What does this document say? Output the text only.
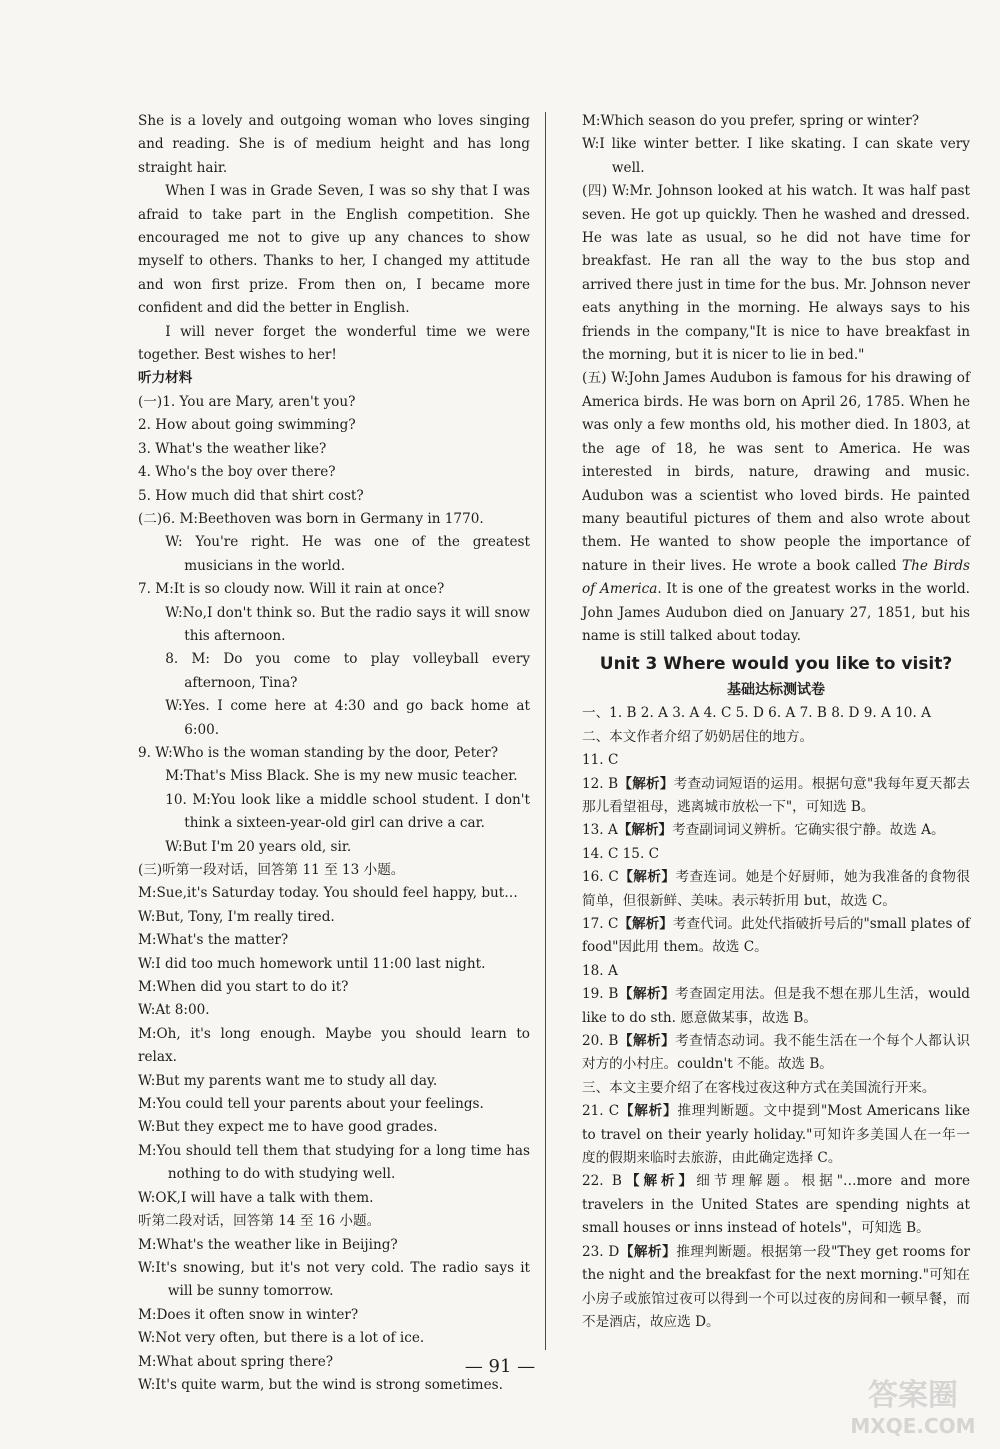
She is a lovely and outgoing woman who loves singing and reading. She is of medium height and has long straight hair.

When I was in Grade Seven, I was so shy that I was afraid to take part in the English competition. She encouraged me not to give up any chances to show myself to others. Thanks to her, I changed my attitude and won first prize. From then on, I became more confident and did the better in English.

I will never forget the wonderful time we were together. Best wishes to her!

听力材料

(一)1. You are Mary, aren't you?

2. How about going swimming?

3. What's the weather like?

4. Who's the boy over there?

5. How much did that shirt cost?

(二)6. M:Beethoven was born in Germany in 1770.

W: You're right. He was one of the greatest musicians in the world.

7. M:It is so cloudy now. Will it rain at once?

W:No,I don't think so. But the radio says it will snow this afternoon.

8. M: Do you come to play volleyball every afternoon, Tina?

W:Yes. I come here at 4:30 and go back home at 6:00.

9. W:Who is the woman standing by the door, Peter?

M:That's Miss Black. She is my new music teacher.

10. M:You look like a middle school student. I don't think a sixteen-year-old girl can drive a car.

W:But I'm 20 years old, sir.

(三)听第一段对话，回答第 11 至 13 小题。

M:Sue,it's Saturday today. You should feel happy, but…

W:But, Tony, I'm really tired.

M:What's the matter?

W:I did too much homework until 11:00 last night.

M:When did you start to do it?

W:At 8:00.

M:Oh, it's long enough. Maybe you should learn to relax.

W:But my parents want me to study all day.

M:You could tell your parents about your feelings.

W:But they expect me to have good grades.

M:You should tell them that studying for a long time has nothing to do with studying well.

W:OK,I will have a talk with them.

听第二段对话，回答第 14 至 16 小题。

M:What's the weather like in Beijing?

W:It's snowing, but it's not very cold. The radio says it will be sunny tomorrow.

M:Does it often snow in winter?

W:Not very often, but there is a lot of ice.

M:What about spring there?

W:It's quite warm, but the wind is strong sometimes.

M:Which season do you prefer, spring or winter?

W:I like winter better. I like skating. I can skate very well.

(四) W:Mr. Johnson looked at his watch. It was half past seven. He got up quickly. Then he washed and dressed. He was late as usual, so he did not have time for breakfast. He ran all the way to the bus stop and arrived there just in time for the bus. Mr. Johnson never eats anything in the morning. He always says to his friends in the company,"It is nice to have breakfast in the morning, but it is nicer to lie in bed."

(五) W:John James Audubon is famous for his drawing of America birds. He was born on April 26, 1785. When he was only a few months old, his mother died. In 1803, at the age of 18, he was sent to America. He was interested in birds, nature, drawing and music. Audubon was a scientist who loved birds. He painted many beautiful pictures of them and also wrote about them. He wanted to show people the importance of nature in their lives. He wrote a book called The Birds of America. It is one of the greatest works in the world. John James Audubon died on January 27, 1851, but his name is still talked about today.

Unit 3 Where would you like to visit?
基础达标测试卷

一、1. B 2. A 3. A 4. C 5. D 6. A 7. B 8. D 9. A 10. A

二、本文作者介绍了奶奶居住的地方。

11. C

12. B【解析】考查动词短语的运用。根据句意"我每年夏天都去那儿看望祖母，逃离城市放松一下"，可知选 B。

13. A【解析】考查副词词义辨析。它确实很宁静。故选 A。

14. C 15. C

16. C【解析】考查连词。她是个好厨师，她为我准备的食物很简单，但很新鲜、美味。表示转折用 but，故选 C。

17. C【解析】考查代词。此处代指破折号后的"small plates of food"因此用 them。故选 C。

18. A

19. B【解析】考查固定用法。但是我不想在那儿生活，would like to do sth. 愿意做某事，故选 B。

20. B【解析】考查情态动词。我不能生活在一个每个人都认识对方的小村庄。couldn't 不能。故选 B。

三、本文主要介绍了在客栈过夜这种方式在美国流行开来。

21. C【解析】推理判断题。文中提到"Most Americans like to travel on their yearly holiday."可知许多美国人在一年一度的假期来临时去旅游，由此确定选择 C。

22. B【解析】细节理解题。根据"…more and more travelers in the United States are spending nights at small houses or inns instead of hotels"，可知选 B。

23. D【解析】推理判断题。根据第一段"They get rooms for the night and the breakfast for the next morning."可知在小房子或旅馆过夜可以得到一个可以过夜的房间和一顿早餐，而不是酒店，故应选 D。

— 91 —
答案圈
MXQE.COM
